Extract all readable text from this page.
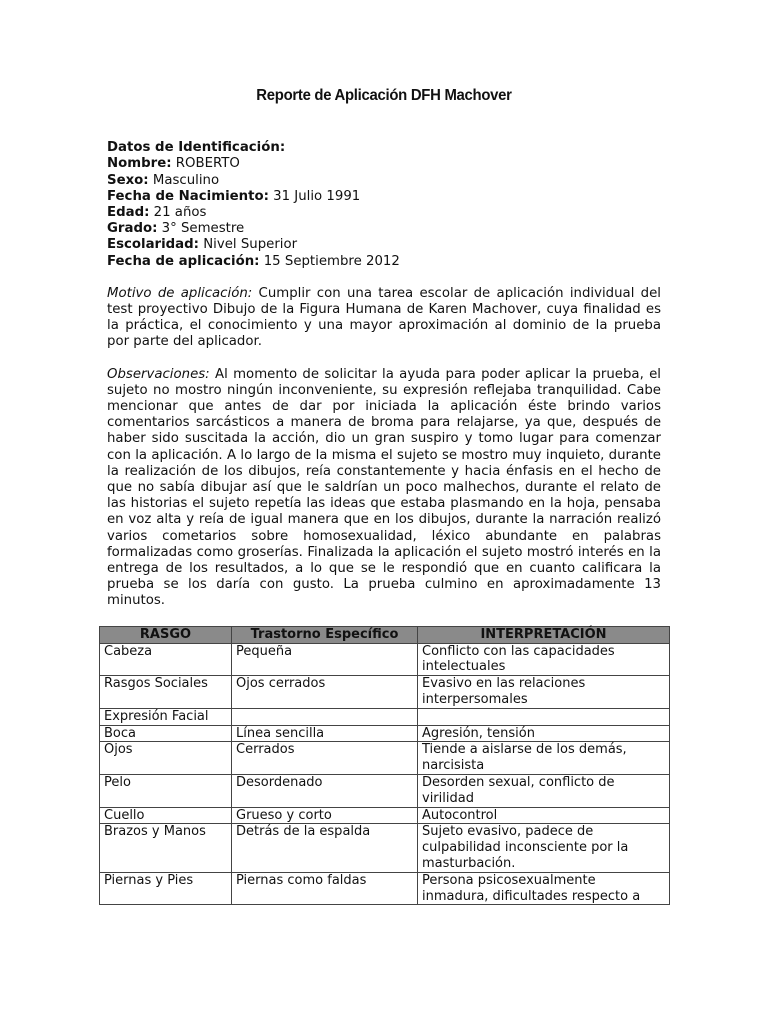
Reporte de Aplicación DFH Machover
Datos de Identificación:
Nombre: ROBERTO
Sexo: Masculino
Fecha de Nacimiento: 31 Julio 1991
Edad: 21 años
Grado: 3° Semestre
Escolaridad: Nivel Superior
Fecha de aplicación: 15 Septiembre 2012
Motivo de aplicación: Cumplir con una tarea escolar de aplicación individual del test proyectivo Dibujo de la Figura Humana de Karen Machover, cuya finalidad es la práctica, el conocimiento y una mayor aproximación al dominio de la prueba por parte del aplicador.
Observaciones: Al momento de solicitar la ayuda para poder aplicar la prueba, el sujeto no mostro ningún inconveniente, su expresión reflejaba tranquilidad. Cabe mencionar que antes de dar por iniciada la aplicación éste brindo varios comentarios sarcásticos a manera de broma para relajarse, ya que, después de haber sido suscitada la acción, dio un gran suspiro y tomo lugar para comenzar con la aplicación. A lo largo de la misma el sujeto se mostro muy inquieto, durante la realización de los dibujos, reía constantemente y hacia énfasis en el hecho de que no sabía dibujar así que le saldrían un poco malhechos, durante el relato de las historias el sujeto repetía las ideas que estaba plasmando en la hoja, pensaba en voz alta y reía de igual manera que en los dibujos, durante la narración realizó varios cometarios sobre homosexualidad, léxico abundante en palabras formalizadas como groserías. Finalizada la aplicación el sujeto mostró interés en la entrega de los resultados, a lo que se le respondió que en cuanto calificara la prueba se los daría con gusto. La prueba culmino en aproximadamente 13 minutos.
RASGO	Trastorno Específico	INTERPRETACIÓN
Cabeza	Pequeña	Conflicto con las capacidades intelectuales
Rasgos Sociales	Ojos cerrados	Evasivo en las relaciones interpersomales
Expresión Facial		
Boca	Línea sencilla	Agresión, tensión
Ojos	Cerrados	Tiende a aislarse de los demás, narcisista
Pelo	Desordenado	Desorden sexual, conflicto de virilidad
Cuello	Grueso y corto	Autocontrol
Brazos y Manos	Detrás de la espalda	Sujeto evasivo, padece de culpabilidad inconsciente por la masturbación.
Piernas y Pies	Piernas como faldas	Persona psicosexualmente inmadura, dificultades respecto a
